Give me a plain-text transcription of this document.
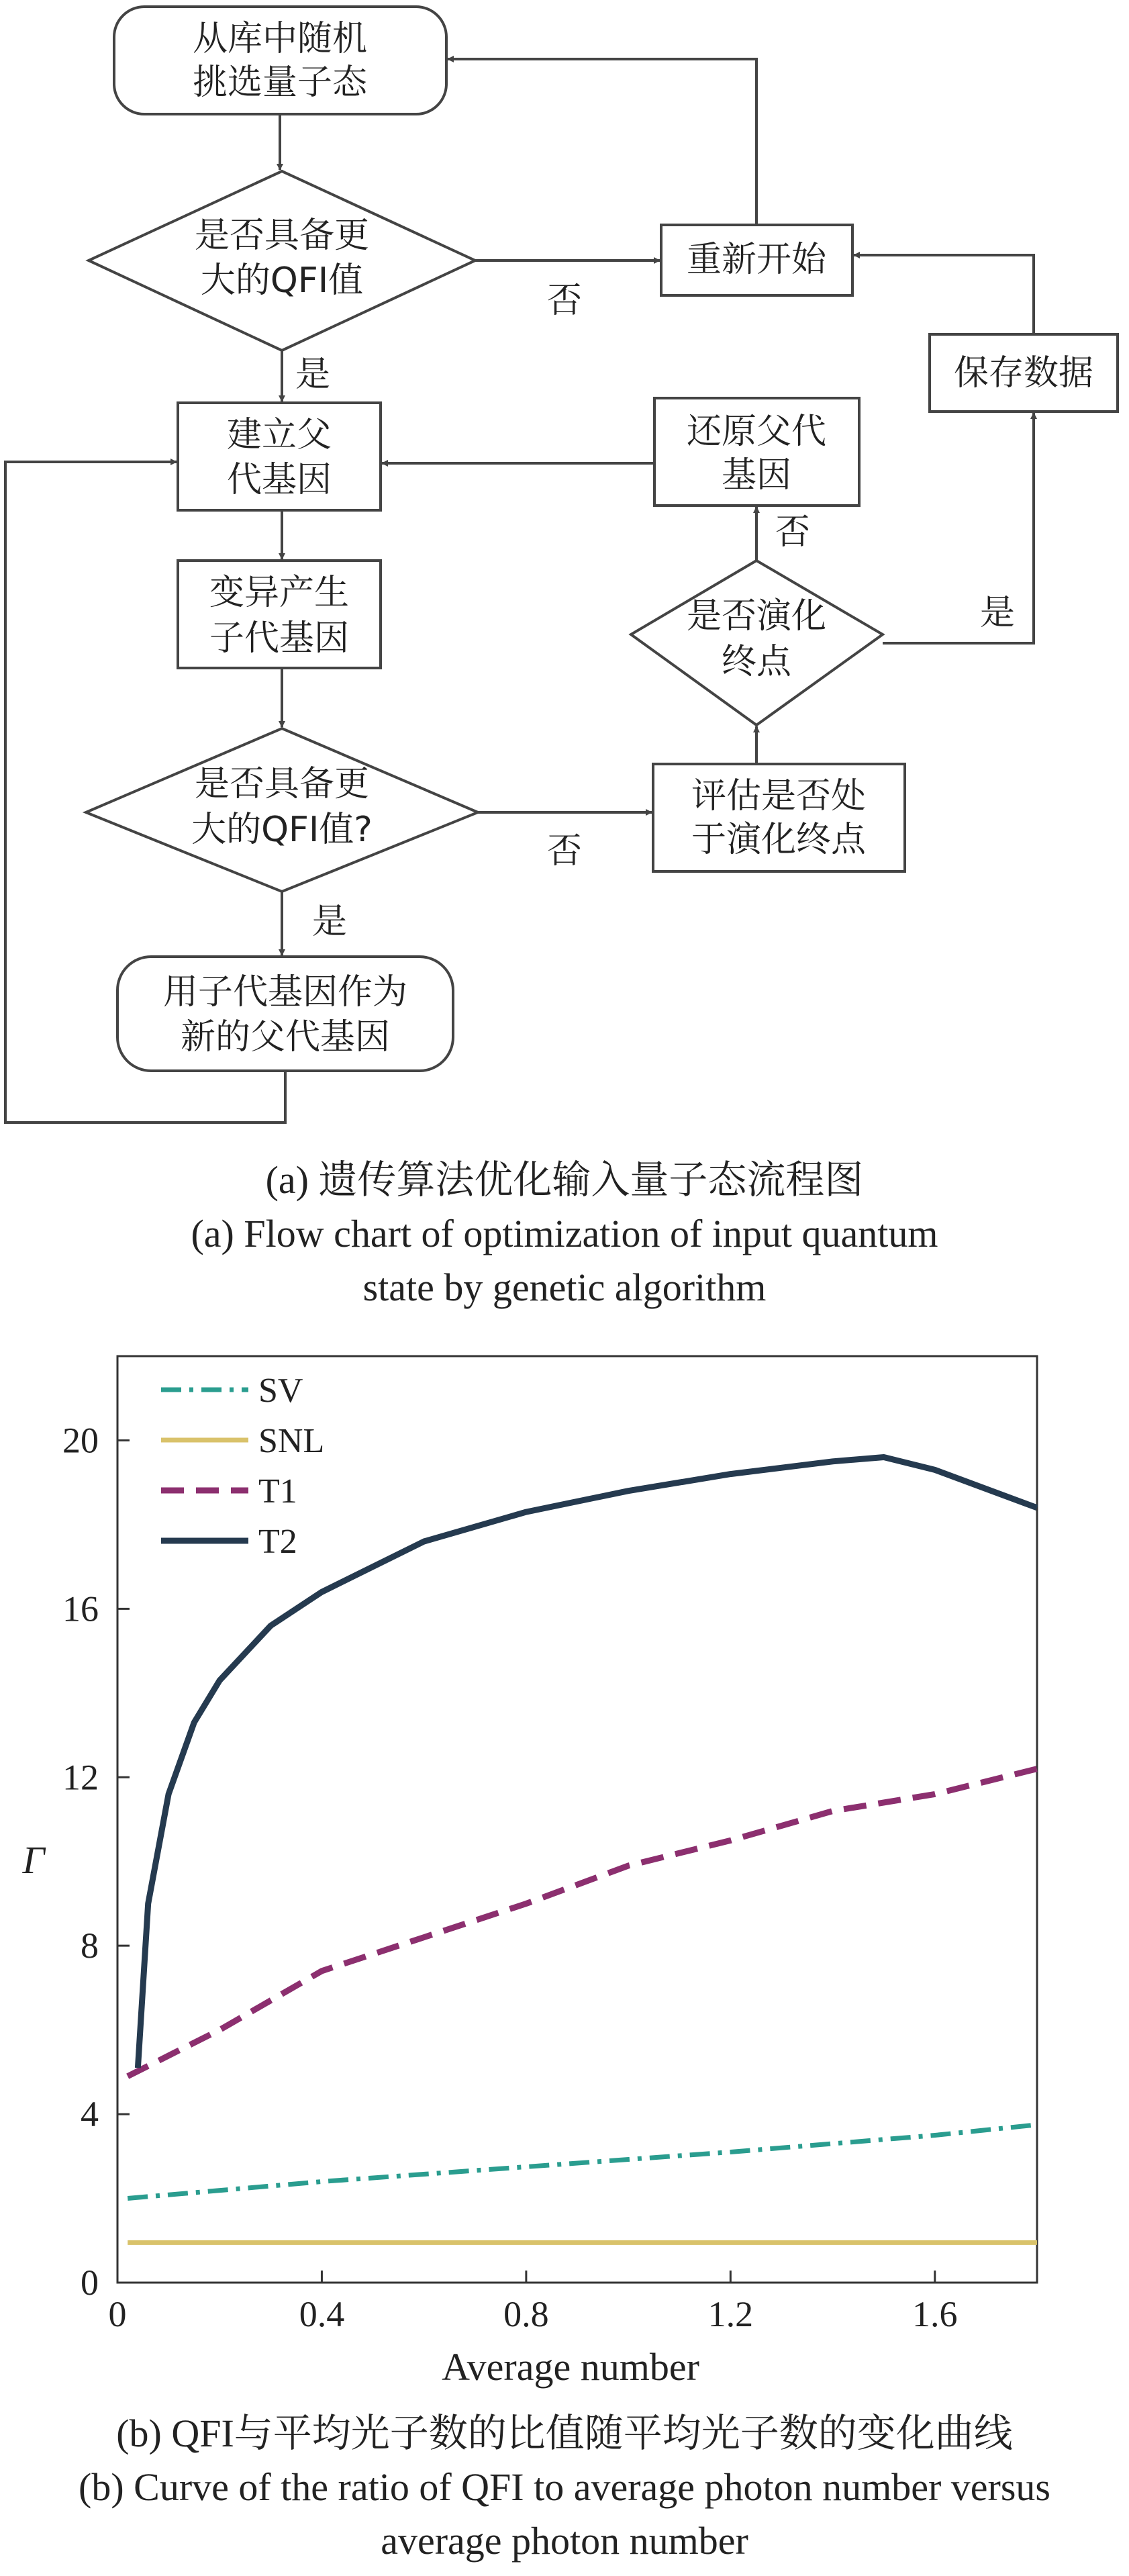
从库中随机
挑选量子态
是否具备更
大的QFI值
重新开始
建立父
代基因
保存数据
还原父代
基因
变异产生
子代基因
是否演化
终点
是否具备更
大的QFI值?
评估是否处
于演化终点
用子代基因作为
新的父代基因
否
是
否
是
否
是
(a) 遗传算法优化输入量子态流程图
(a) Flow chart of optimization of input quantum
state by genetic algorithm
0	0.4	0.8	1.2	1.6
0
4
8
12
16
20
SV
SNL
T1
T2
Average number
Γ
(b) QFI与平均光子数的比值随平均光子数的变化曲线
(b) Curve of the ratio of QFI to average photon number versus
average photon number
